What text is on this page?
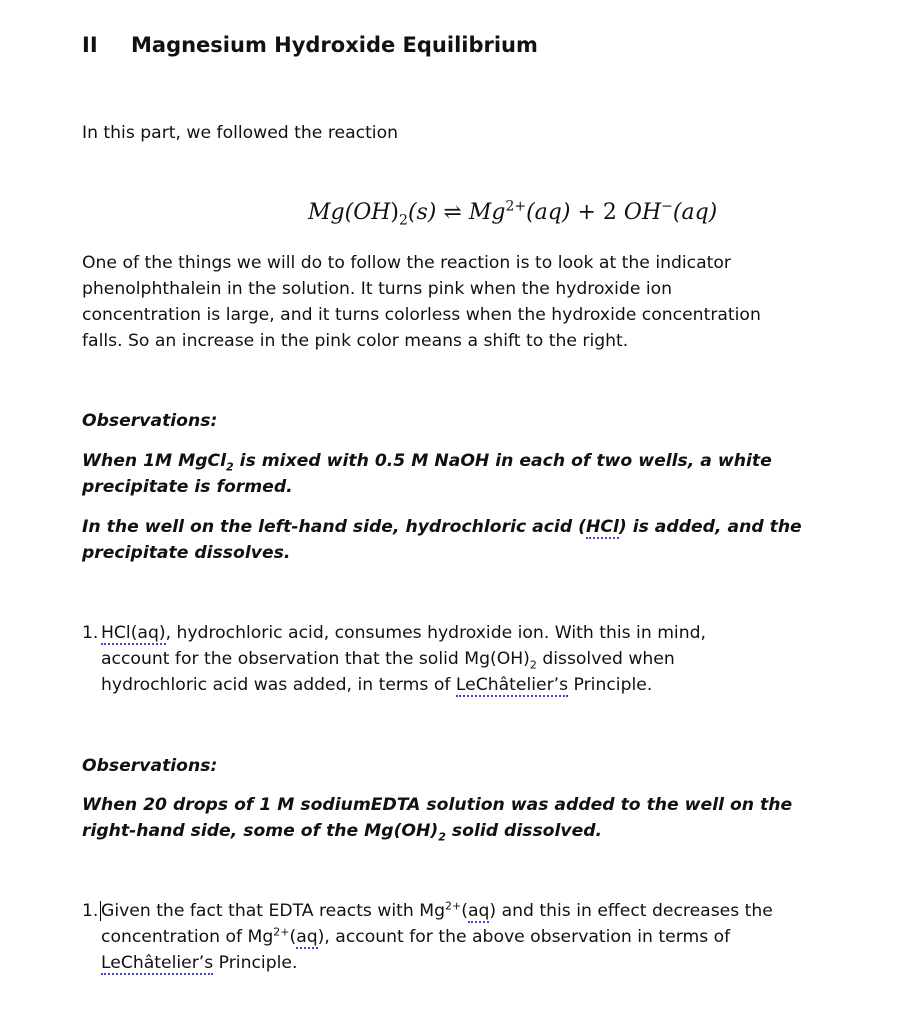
II Magnesium Hydroxide Equilibrium
In this part, we followed the reaction
$Mg(OH)_2(s)$ ⇌ $Mg^{2+}(aq) + 2$ OH−(aq)
One of the things we will do to follow the reaction is to look at the indicator
phenolphthalein in the solution. It turns pink when the hydroxide ion
concentration is large, and it turns colorless when the hydroxide concentration
falls. So an increase in the pink color means a shift to the right.
Observations:
When 1M MgCl$_2$ is mixed with 0.5 M NaOH in each of two wells, a white
precipitate is formed.
In the well on the left-hand side, hydrochloric acid (HCl) is added, and the
precipitate dissolves.
1. HCl(aq), hydrochloric acid, consumes hydroxide ion. With this in mind,
account for the observation that the solid $Mg(OH)_2$ dissolved when
hydrochloric acid was added, in terms of LeChâtelier’s Principle.
Observations:
When 20 drops of 1 M sodiumEDTA solution was added to the well on the
right-hand side, some of the $Mg(OH)_2$ solid dissolved.
1. Given the fact that EDTA reacts with $Mg^{2+}(aq)$ and this in effect decreases the
concentration of $Mg^{2+}(aq)$, account for the above observation in terms of
LeChâtelier’s Principle.
